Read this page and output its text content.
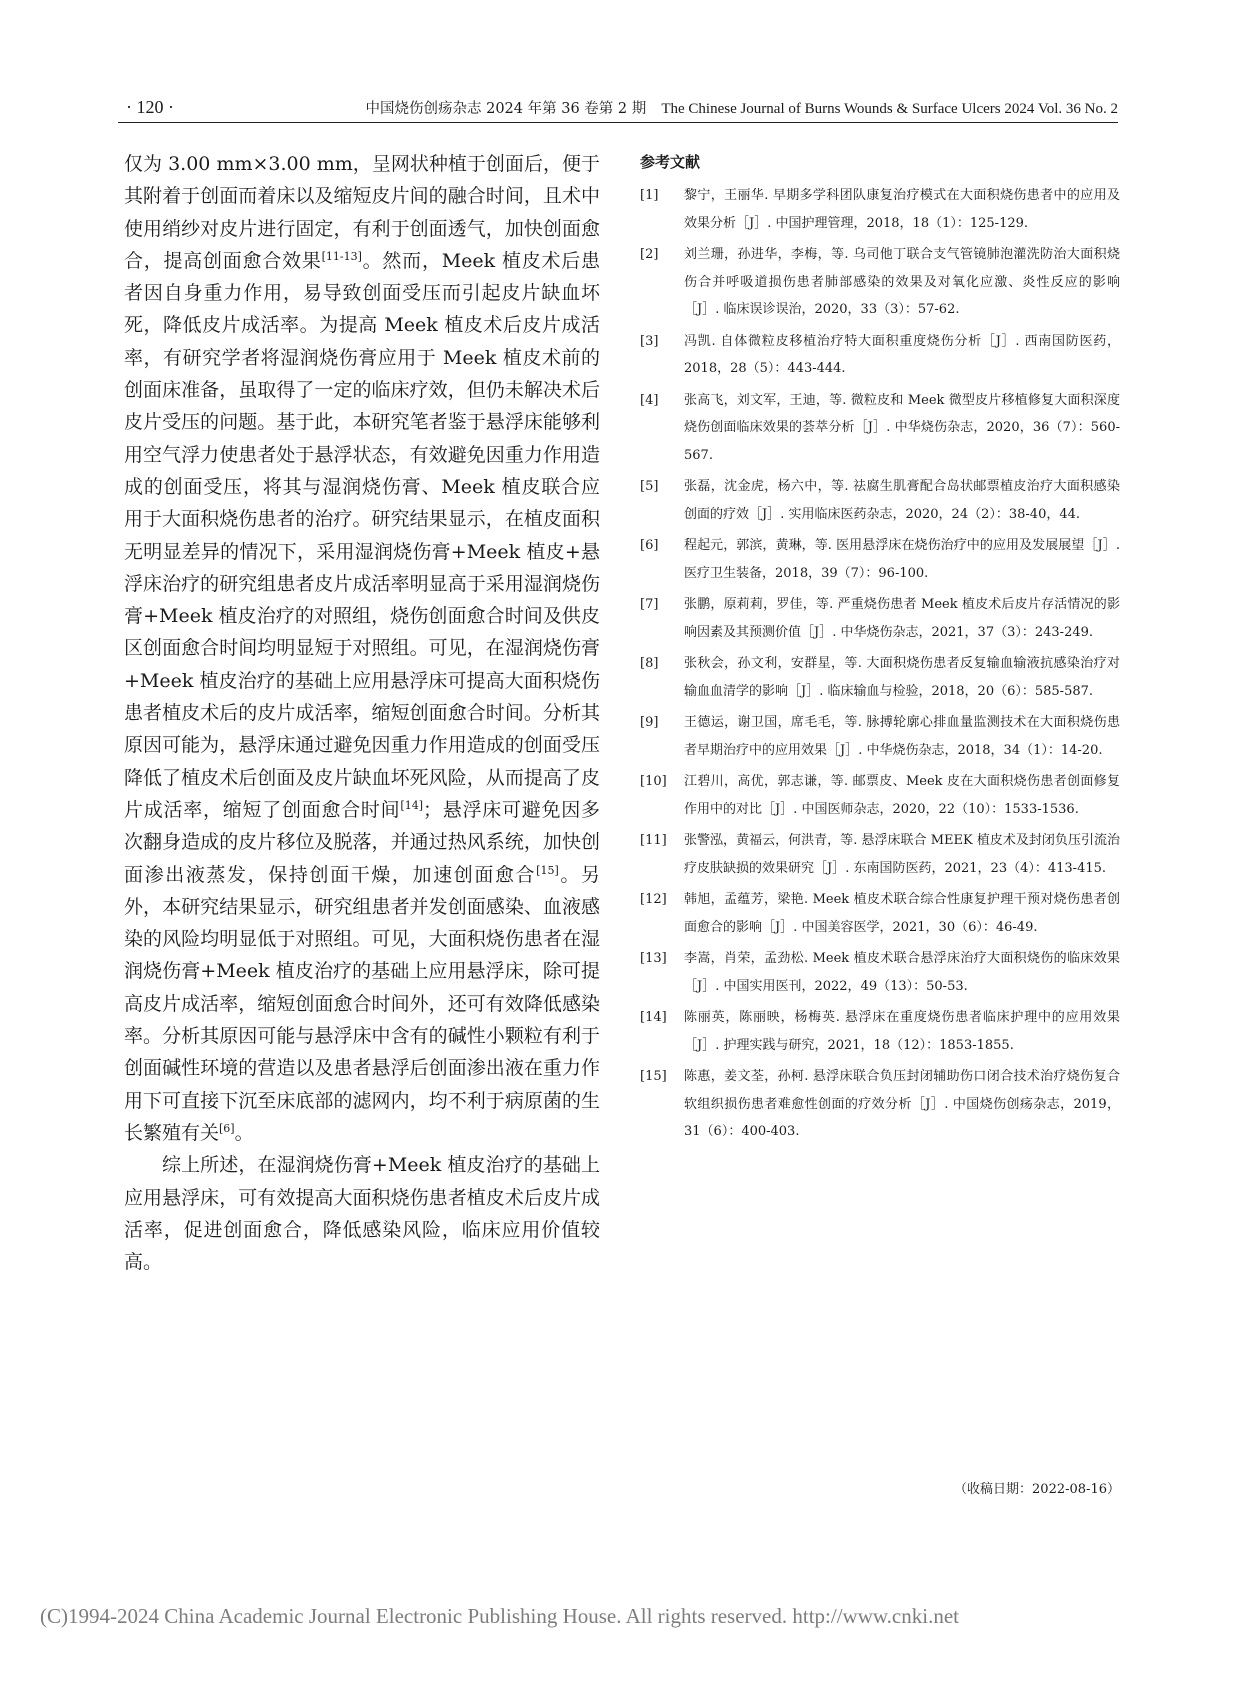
· 120 ·	中国烧伤创疡杂志 2024 年第 36 卷第 2 期 The Chinese Journal of Burns Wounds & Surface Ulcers 2024 Vol. 36 No. 2

仅为 3.00 mm×3.00 mm，呈网状种植于创面后，便于其附着于创面而着床以及缩短皮片间的融合时间，且术中使用绡纱对皮片进行固定，有利于创面透气，加快创面愈合，提高创面愈合效果[11-13]。然而，Meek 植皮术后患者因自身重力作用，易导致创面受压而引起皮片缺血坏死，降低皮片成活率。为提高 Meek 植皮术后皮片成活率，有研究学者将湿润烧伤膏应用于 Meek 植皮术前的创面床准备，虽取得了一定的临床疗效，但仍未解决术后皮片受压的问题。基于此，本研究笔者鉴于悬浮床能够利用空气浮力使患者处于悬浮状态，有效避免因重力作用造成的创面受压，将其与湿润烧伤膏、Meek 植皮联合应用于大面积烧伤患者的治疗。研究结果显示，在植皮面积无明显差异的情况下，采用湿润烧伤膏+Meek 植皮+悬浮床治疗的研究组患者皮片成活率明显高于采用湿润烧伤膏+Meek 植皮治疗的对照组，烧伤创面愈合时间及供皮区创面愈合时间均明显短于对照组。可见，在湿润烧伤膏+Meek 植皮治疗的基础上应用悬浮床可提高大面积烧伤患者植皮术后的皮片成活率，缩短创面愈合时间。分析其原因可能为，悬浮床通过避免因重力作用造成的创面受压降低了植皮术后创面及皮片缺血坏死风险，从而提高了皮片成活率，缩短了创面愈合时间[14]；悬浮床可避免因多次翻身造成的皮片移位及脱落，并通过热风系统，加快创面渗出液蒸发，保持创面干燥，加速创面愈合[15]。另外，本研究结果显示，研究组患者并发创面感染、血液感染的风险均明显低于对照组。可见，大面积烧伤患者在湿润烧伤膏+Meek 植皮治疗的基础上应用悬浮床，除可提高皮片成活率，缩短创面愈合时间外，还可有效降低感染率。分析其原因可能与悬浮床中含有的碱性小颗粒有利于创面碱性环境的营造以及患者悬浮后创面渗出液在重力作用下可直接下沉至床底部的滤网内，均不利于病原菌的生长繁殖有关[6]。

综上所述，在湿润烧伤膏+Meek 植皮治疗的基础上应用悬浮床，可有效提高大面积烧伤患者植皮术后皮片成活率，促进创面愈合，降低感染风险，临床应用价值较高。

参考文献
[1]	黎宁，王丽华. 早期多学科团队康复治疗模式在大面积烧伤患者中的应用及效果分析［J］. 中国护理管理，2018，18（1）：125-129.
[2]	刘兰珊，孙进华，李梅，等. 乌司他丁联合支气管镜肺泡灌洗防治大面积烧伤合并呼吸道损伤患者肺部感染的效果及对氧化应激、炎性反应的影响［J］. 临床误诊误治，2020，33（3）：57-62.
[3]	冯凯. 自体微粒皮移植治疗特大面积重度烧伤分析［J］. 西南国防医药，2018，28（5）：443-444.
[4]	张高飞，刘文军，王迪，等. 微粒皮和 Meek 微型皮片移植修复大面积深度烧伤创面临床效果的荟萃分析［J］. 中华烧伤杂志，2020，36（7）：560-567.
[5]	张磊，沈金虎，杨六中，等. 祛腐生肌膏配合岛状邮票植皮治疗大面积感染创面的疗效［J］. 实用临床医药杂志，2020，24（2）：38-40，44.
[6]	程起元，郭滨，黄琳，等. 医用悬浮床在烧伤治疗中的应用及发展展望［J］. 医疗卫生装备，2018，39（7）：96-100.
[7]	张鹏，原莉莉，罗佳，等. 严重烧伤患者 Meek 植皮术后皮片存活情况的影响因素及其预测价值［J］. 中华烧伤杂志，2021，37（3）：243-249.
[8]	张秋会，孙文利，安群星，等. 大面积烧伤患者反复输血输液抗感染治疗对输血血清学的影响［J］. 临床输血与检验，2018，20（6）：585-587.
[9]	王德运，谢卫国，席毛毛，等. 脉搏轮廓心排血量监测技术在大面积烧伤患者早期治疗中的应用效果［J］. 中华烧伤杂志，2018，34（1）：14-20.
[10]	江碧川，高优，郭志谦，等. 邮票皮、Meek 皮在大面积烧伤患者创面修复作用中的对比［J］. 中国医师杂志，2020，22（10）：1533-1536.
[11]	张警泓，黄福云，何洪青，等. 悬浮床联合 MEEK 植皮术及封闭负压引流治疗皮肤缺损的效果研究［J］. 东南国防医药，2021，23（4）：413-415.
[12]	韩旭，孟蕴芳，梁艳. Meek 植皮术联合综合性康复护理干预对烧伤患者创面愈合的影响［J］. 中国美容医学，2021，30（6）：46-49.
[13]	李嵩，肖荣，孟劲松. Meek 植皮术联合悬浮床治疗大面积烧伤的临床效果［J］. 中国实用医刊，2022，49（13）：50-53.
[14]	陈丽英，陈丽映，杨梅英. 悬浮床在重度烧伤患者临床护理中的应用效果［J］. 护理实践与研究，2021，18（12）：1853-1855.
[15]	陈惠，姜文荃，孙柯. 悬浮床联合负压封闭辅助伤口闭合技术治疗烧伤复合软组织损伤患者难愈性创面的疗效分析［J］. 中国烧伤创疡杂志，2019，31（6）：400-403.
（收稿日期：2022-08-16）
(C)1994-2024 China Academic Journal Electronic Publishing House. All rights reserved. http://www.cnki.net
